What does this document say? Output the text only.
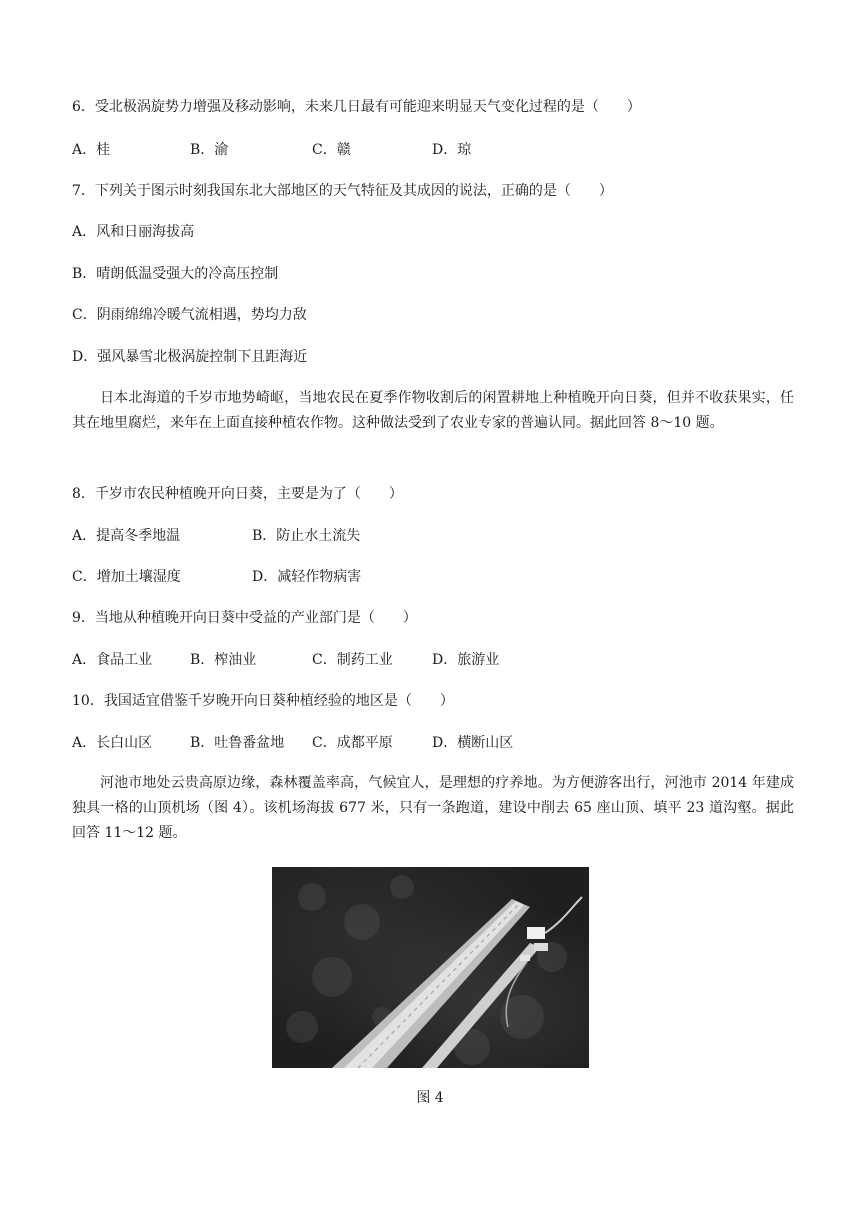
6．受北极涡旋势力增强及移动影响，未来几日最有可能迎来明显天气变化过程的是（　　）
A．桂	B．渝	C．赣	D．琼
7．下列关于图示时刻我国东北大部地区的天气特征及其成因的说法，正确的是（　　）
A．风和日丽海拔高
B．晴朗低温受强大的冷高压控制
C．阴雨绵绵冷暖气流相遇，势均力敌
D．强风暴雪北极涡旋控制下且距海近
日本北海道的千岁市地势崎岖，当地农民在夏季作物收割后的闲置耕地上种植晚开向日葵，但并不收获果实，任其在地里腐烂，来年在上面直接种植农作物。这种做法受到了农业专家的普遍认同。据此回答 8～10 题。
8．千岁市农民种植晚开向日葵，主要是为了（　　）
A．提高冬季地温	B．防止水土流失
C．增加土壤湿度	D．减轻作物病害
9．当地从种植晚开向日葵中受益的产业部门是（　　）
A．食品工业	B．榨油业	C．制药工业	D．旅游业
10．我国适宜借鉴千岁晚开向日葵种植经验的地区是（　　）
A．长白山区	B．吐鲁番盆地 C．成都平原	D．横断山区
河池市地处云贵高原边缘，森林覆盖率高，气候宜人，是理想的疗养地。为方便游客出行，河池市 2014 年建成独具一格的山顶机场（图 4）。该机场海拔 677 米，只有一条跑道，建设中削去 65 座山顶、填平 23 道沟壑。据此回答 11～12 题。
图 4
